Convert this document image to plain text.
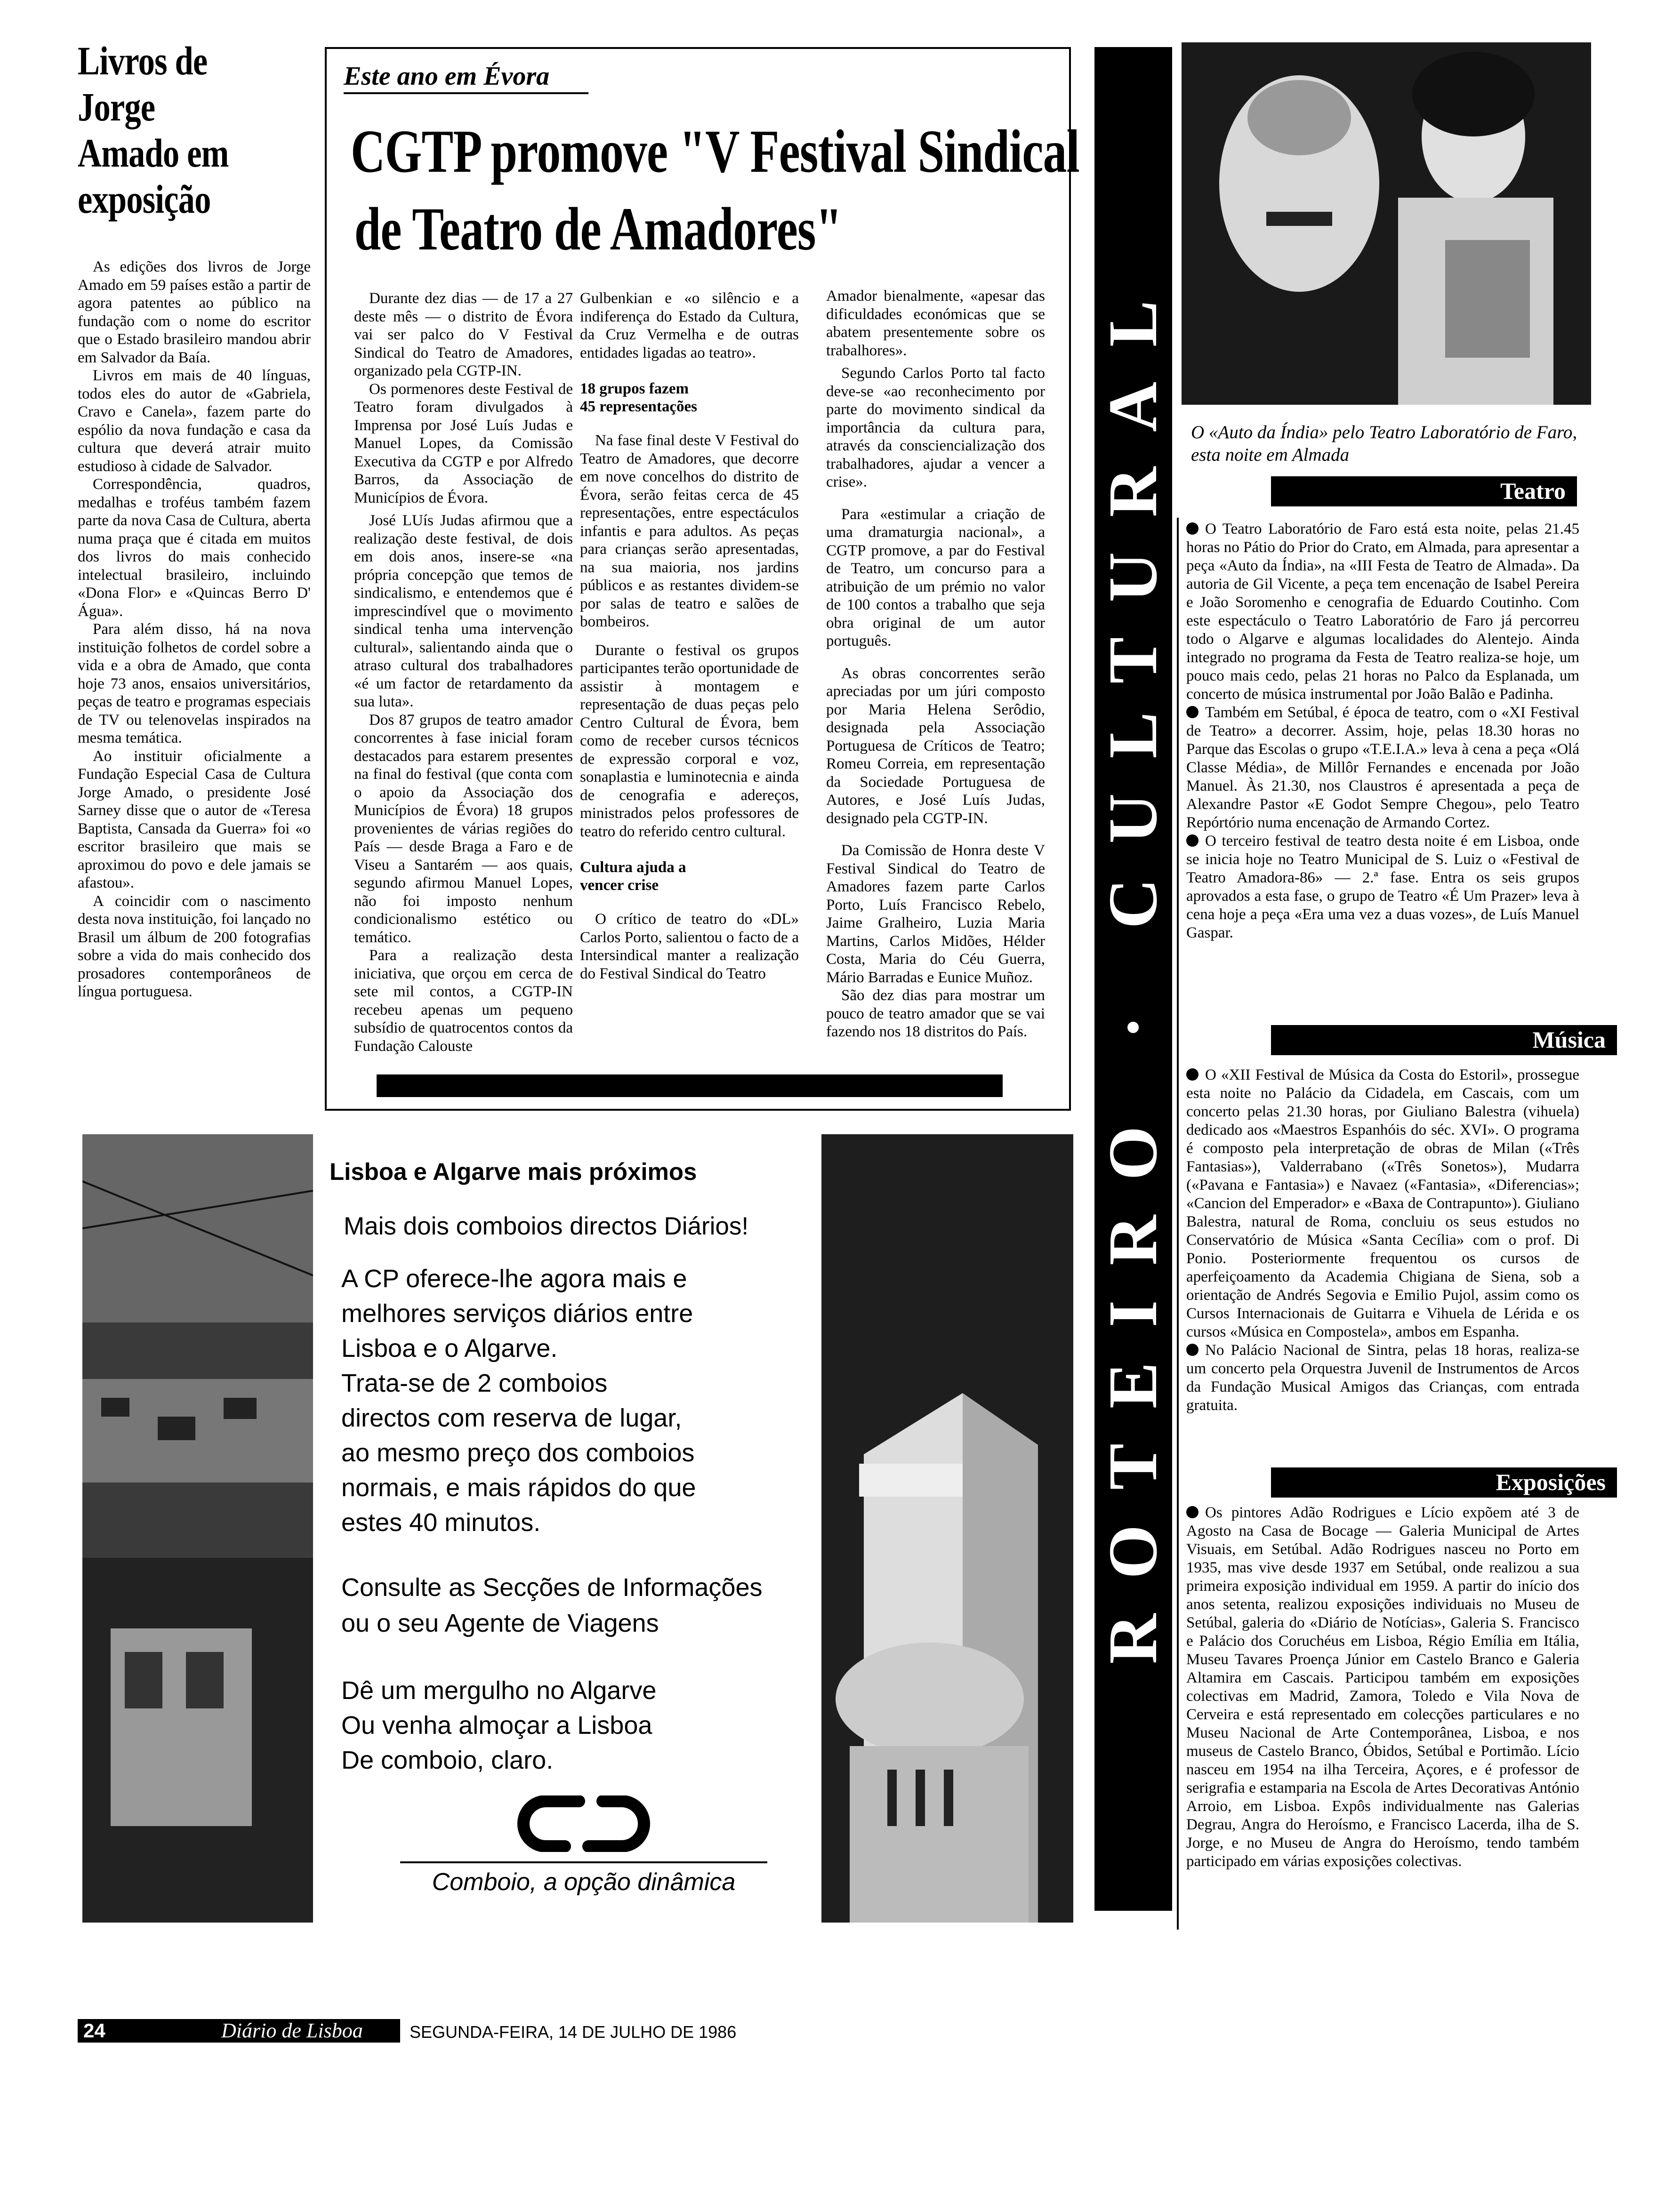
Livros de Jorge Amado em exposição

As edições dos livros de Jorge Amado em 59 países estão a partir de agora patentes ao público na fundação com o nome do escritor que o Estado brasileiro mandou abrir em Salvador da Baía.

Livros em mais de 40 línguas, todos eles do autor de «Gabriela, Cravo e Canela», fazem parte do espólio da nova fundação e casa da cultura que deverá atrair muito estudioso à cidade de Salvador.

Correspondência, quadros, medalhas e troféus também fazem parte da nova Casa de Cultura, aberta numa praça que é citada em muitos dos livros do mais conhecido intelectual brasileiro, incluindo «Dona Flor» e «Quincas Berro D' Água».

Para além disso, há na nova instituição folhetos de cordel sobre a vida e a obra de Amado, que conta hoje 73 anos, ensaios universitários, peças de teatro e programas especiais de TV ou telenovelas inspirados na mesma temática.

Ao instituir oficialmente a Fundação Especial Casa de Cultura Jorge Amado, o presidente José Sarney disse que o autor de «Teresa Baptista, Cansada da Guerra» foi «o escritor brasileiro que mais se aproximou do povo e dele jamais se afastou».

A coincidir com o nascimento desta nova instituição, foi lançado no Brasil um álbum de 200 fotografias sobre a vida do mais conhecido dos prosadores contemporâneos de língua portuguesa.

Este ano em Évora
CGTP promove "V Festival Sindical
de Teatro de Amadores"

Durante dez dias — de 17 a 27 deste mês — o distrito de Évora vai ser palco do V Festival Sindical do Teatro de Amadores, organizado pela CGTP-IN.

Os pormenores deste Festival de Teatro foram divulgados à Imprensa por José Luís Judas e Manuel Lopes, da Comissão Executiva da CGTP e por Alfredo Barros, da Associação de Municípios de Évora.

José LUís Judas afirmou que a realização deste festival, de dois em dois anos, insere-se «na própria concepção que temos de sindicalismo, e entendemos que é imprescindível que o movimento sindical tenha uma intervenção cultural», salientando ainda que o atraso cultural dos trabalhadores «é um factor de retardamento da sua luta».

Dos 87 grupos de teatro amador concorrentes à fase inicial foram destacados para estarem presentes na final do festival (que conta com o apoio da Associação dos Municípios de Évora) 18 grupos provenientes de várias regiões do País — desde Braga a Faro e de Viseu a Santarém — aos quais, segundo afirmou Manuel Lopes, não foi imposto nenhum condicionalismo estético ou temático.

Para a realização desta iniciativa, que orçou em cerca de sete mil contos, a CGTP-IN recebeu apenas um pequeno subsídio de quatrocentos contos da Fundação Calouste

Gulbenkian e «o silêncio e a indiferença do Estado da Cultura, da Cruz Vermelha e de outras entidades ligadas ao teatro».

18 grupos fazem
45 representações

Na fase final deste V Festival do Teatro de Amadores, que decorre em nove concelhos do distrito de Évora, serão feitas cerca de 45 representações, entre espectáculos infantis e para adultos. As peças para crianças serão apresentadas, na sua maioria, nos jardins públicos e as restantes dividem-se por salas de teatro e salões de bombeiros.

Durante o festival os grupos participantes terão oportunidade de assistir à montagem e representação de duas peças pelo Centro Cultural de Évora, bem como de receber cursos técnicos de expressão corporal e voz, sonaplastia e luminotecnia e ainda de cenografia e adereços, ministrados pelos professores de teatro do referido centro cultural.

Cultura ajuda a
vencer crise

O crítico de teatro do «DL» Carlos Porto, salientou o facto de a Intersindical manter a realização do Festival Sindical do Teatro

Amador bienalmente, «apesar das dificuldades económicas que se abatem presentemente sobre os trabalhores».

Segundo Carlos Porto tal facto deve-se «ao reconhecimento por parte do movimento sindical da importância da cultura para, através da consciencialização dos trabalhadores, ajudar a vencer a crise».

Para «estimular a criação de uma dramaturgia nacional», a CGTP promove, a par do Festival de Teatro, um concurso para a atribuição de um prémio no valor de 100 contos a trabalho que seja obra original de um autor português.

As obras concorrentes serão apreciadas por um júri composto por Maria Helena Serôdio, designada pela Associação Portuguesa de Críticos de Teatro; Romeu Correia, em representação da Sociedade Portuguesa de Autores, e José Luís Judas, designado pela CGTP-IN.

Da Comissão de Honra deste V Festival Sindical do Teatro de Amadores fazem parte Carlos Porto, Luís Francisco Rebelo, Jaime Gralheiro, Luzia Maria Martins, Carlos Midões, Hélder Costa, Maria do Céu Guerra, Mário Barradas e Eunice Muñoz.

São dez dias para mostrar um pouco de teatro amador que se vai fazendo nos 18 distritos do País. ROTEIRO · CULTURAL O «Auto da Índia» pelo Teatro Laboratório de Faro, esta noite em Almada
Teatro

O Teatro Laboratório de Faro está esta noite, pelas 21.45 horas no Pátio do Prior do Crato, em Almada, para apresentar a peça «Auto da Índia», na «III Festa de Teatro de Almada». Da autoria de Gil Vicente, a peça tem encenação de Isabel Pereira e João Soromenho e cenografia de Eduardo Coutinho. Com este espectáculo o Teatro Laboratório de Faro já percorreu todo o Algarve e algumas localidades do Alentejo. Ainda integrado no programa da Festa de Teatro realiza-se hoje, um pouco mais cedo, pelas 21 horas no Palco da Esplanada, um concerto de música instrumental por João Balão e Padinha.

Também em Setúbal, é época de teatro, com o «XI Festival de Teatro» a decorrer. Assim, hoje, pelas 18.30 horas no Parque das Escolas o grupo «T.E.I.A.» leva à cena a peça «Olá Classe Média», de Millôr Fernandes e encenada por João Manuel. Às 21.30, nos Claustros é apresentada a peça de Alexandre Pastor «E Godot Sempre Chegou», pelo Teatro Repórtório numa encenação de Armando Cortez.

O terceiro festival de teatro desta noite é em Lisboa, onde se inicia hoje no Teatro Municipal de S. Luiz o «Festival de Teatro Amadora-86» — 2.ª fase. Entra os seis grupos aprovados a esta fase, o grupo de Teatro «É Um Prazer» leva à cena hoje a peça «Era uma vez a duas vozes», de Luís Manuel Gaspar.

Música

O «XII Festival de Música da Costa do Estoril», prossegue esta noite no Palácio da Cidadela, em Cascais, com um concerto pelas 21.30 horas, por Giuliano Balestra (vihuela) dedicado aos «Maestros Espanhóis do séc. XVI». O programa é composto pela interpretação de obras de Milan («Três Fantasias»), Valderrabano («Três Sonetos»), Mudarra («Pavana e Fantasia») e Navaez («Fantasia», «Diferencias»; «Cancion del Emperador» e «Baxa de Contrapunto»). Giuliano Balestra, natural de Roma, concluiu os seus estudos no Conservatório de Música «Santa Cecília» com o prof. Di Ponio. Posteriormente frequentou os cursos de aperfeiçoamento da Academia Chigiana de Siena, sob a orientação de Andrés Segovia e Emilio Pujol, assim como os Cursos Internacionais de Guitarra e Vihuela de Lérida e os cursos «Música en Compostela», ambos em Espanha.

No Palácio Nacional de Sintra, pelas 18 horas, realiza-se um concerto pela Orquestra Juvenil de Instrumentos de Arcos da Fundação Musical Amigos das Crianças, com entrada gratuita.

Exposições

Os pintores Adão Rodrigues e Lício expõem até 3 de Agosto na Casa de Bocage — Galeria Municipal de Artes Visuais, em Setúbal. Adão Rodrigues nasceu no Porto em 1935, mas vive desde 1937 em Setúbal, onde realizou a sua primeira exposição individual em 1959. A partir do início dos anos setenta, realizou exposições individuais no Museu de Setúbal, galeria do «Diário de Notícias», Galeria S. Francisco e Palácio dos Coruchéus em Lisboa, Régio Emília em Itália, Museu Tavares Proença Júnior em Castelo Branco e Galeria Altamira em Cascais. Participou também em exposições colectivas em Madrid, Zamora, Toledo e Vila Nova de Cerveira e está representado em colecções particulares e no Museu Nacional de Arte Contemporânea, Lisboa, e nos museus de Castelo Branco, Óbidos, Setúbal e Portimão. Lício nasceu em 1954 na ilha Terceira, Açores, e é professor de serigrafia e estamparia na Escola de Artes Decorativas António Arroio, em Lisboa. Expôs individualmente nas Galerias Degrau, Angra do Heroísmo, e Francisco Lacerda, ilha de S. Jorge, e no Museu de Angra do Heroísmo, tendo também participado em várias exposições colectivas.

Lisboa e Algarve mais próximos
Mais dois comboios directos Diários!
A CP oferece-lhe agora mais e
melhores serviços diários entre
Lisboa e o Algarve.
Trata-se de 2 comboios
directos com reserva de lugar,
ao mesmo preço dos comboios
normais, e mais rápidos do que
estes 40 minutos.
Consulte as Secções de Informações
ou o seu Agente de Viagens
Dê um mergulho no Algarve
Ou venha almoçar a Lisboa
De comboio, claro.
Comboio, a opção dinâmica
24	Diário de Lisboa	SEGUNDA-FEIRA, 14 DE JULHO DE 1986
